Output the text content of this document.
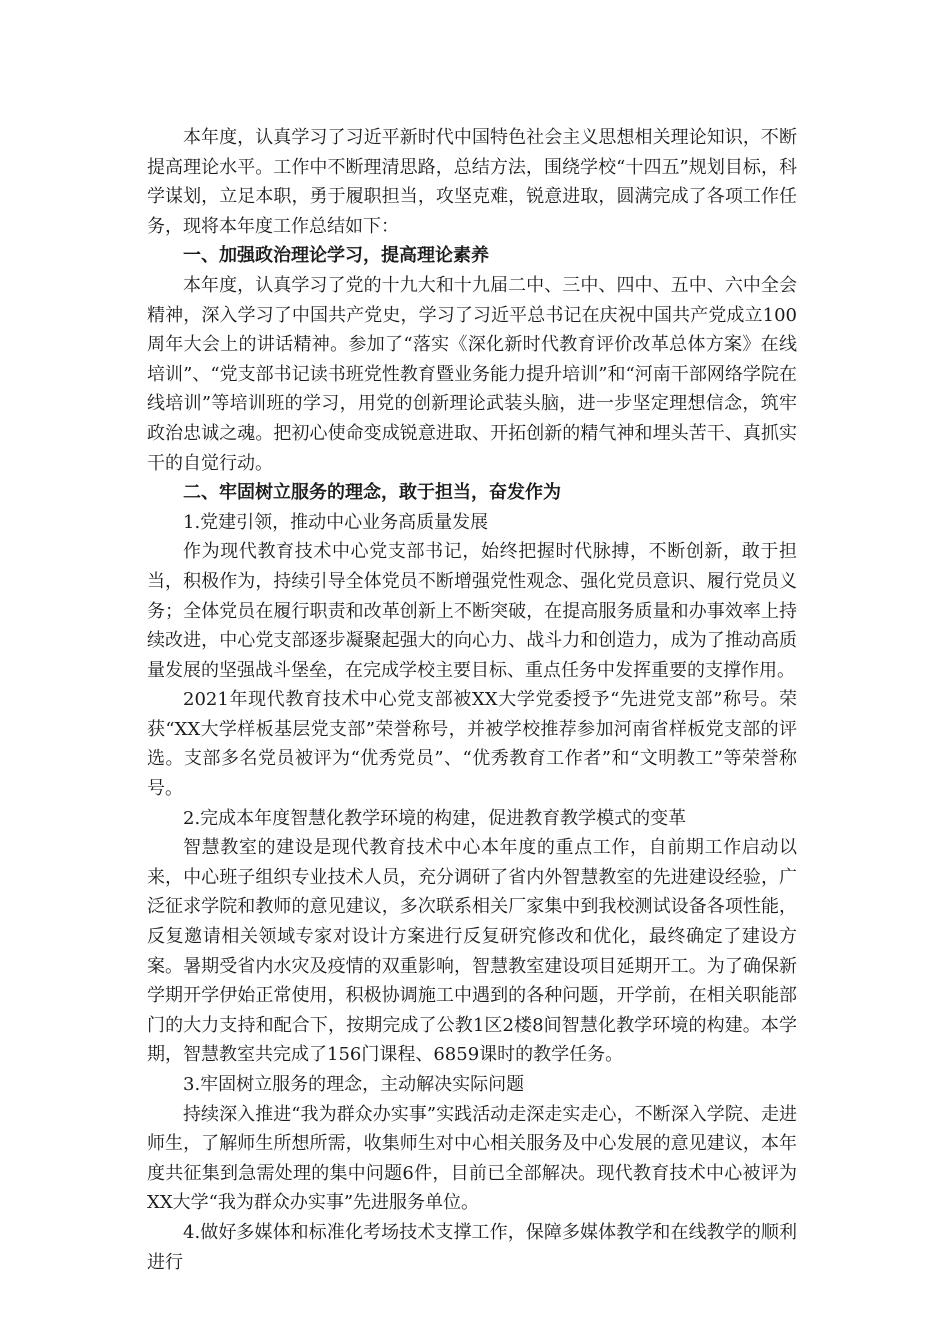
本年度，认真学习了习近平新时代中国特色社会主义思想相关理论知识，不断提高理论水平。工作中不断理清思路，总结方法，围绕学校“十四五”规划目标，科学谋划，立足本职，勇于履职担当，攻坚克难，锐意进取，圆满完成了各项工作任务，现将本年度工作总结如下：

一、加强政治理论学习，提高理论素养

本年度，认真学习了党的十九大和十九届二中、三中、四中、五中、六中全会精神，深入学习了中国共产党史，学习了习近平总书记在庆祝中国共产党成立100周年大会上的讲话精神。参加了“落实《深化新时代教育评价改革总体方案》在线培训”、“党支部书记读书班党性教育暨业务能力提升培训”和“河南干部网络学院在线培训”等培训班的学习，用党的创新理论武装头脑，进一步坚定理想信念，筑牢政治忠诚之魂。把初心使命变成锐意进取、开拓创新的精气神和埋头苦干、真抓实干的自觉行动。

二、牢固树立服务的理念，敢于担当，奋发作为

1.党建引领，推动中心业务高质量发展

作为现代教育技术中心党支部书记，始终把握时代脉搏，不断创新，敢于担当，积极作为，持续引导全体党员不断增强党性观念、强化党员意识、履行党员义务；全体党员在履行职责和改革创新上不断突破，在提高服务质量和办事效率上持续改进，中心党支部逐步凝聚起强大的向心力、战斗力和创造力，成为了推动高质量发展的坚强战斗堡垒，在完成学校主要目标、重点任务中发挥重要的支撑作用。

2021年现代教育技术中心党支部被XX大学党委授予“先进党支部”称号。荣获“XX大学样板基层党支部”荣誉称号，并被学校推荐参加河南省样板党支部的评选。支部多名党员被评为“优秀党员”、“优秀教育工作者”和“文明教工”等荣誉称号。

2.完成本年度智慧化教学环境的构建，促进教育教学模式的变革

智慧教室的建设是现代教育技术中心本年度的重点工作，自前期工作启动以来，中心班子组织专业技术人员，充分调研了省内外智慧教室的先进建设经验，广泛征求学院和教师的意见建议，多次联系相关厂家集中到我校测试设备各项性能，反复邀请相关领域专家对设计方案进行反复研究修改和优化，最终确定了建设方案。暑期受省内水灾及疫情的双重影响，智慧教室建设项目延期开工。为了确保新学期开学伊始正常使用，积极协调施工中遇到的各种问题，开学前，在相关职能部门的大力支持和配合下，按期完成了公教1区2楼8间智慧化教学环境的构建。本学期，智慧教室共完成了156门课程、6859课时的教学任务。

3.牢固树立服务的理念，主动解决实际问题

持续深入推进“我为群众办实事”实践活动走深走实走心，不断深入学院、走进师生，了解师生所想所需，收集师生对中心相关服务及中心发展的意见建议，本年度共征集到急需处理的集中问题6件，目前已全部解决。现代教育技术中心被评为XX大学“我为群众办实事”先进服务单位。

4.做好多媒体和标准化考场技术支撑工作，保障多媒体教学和在线教学的顺利进行
